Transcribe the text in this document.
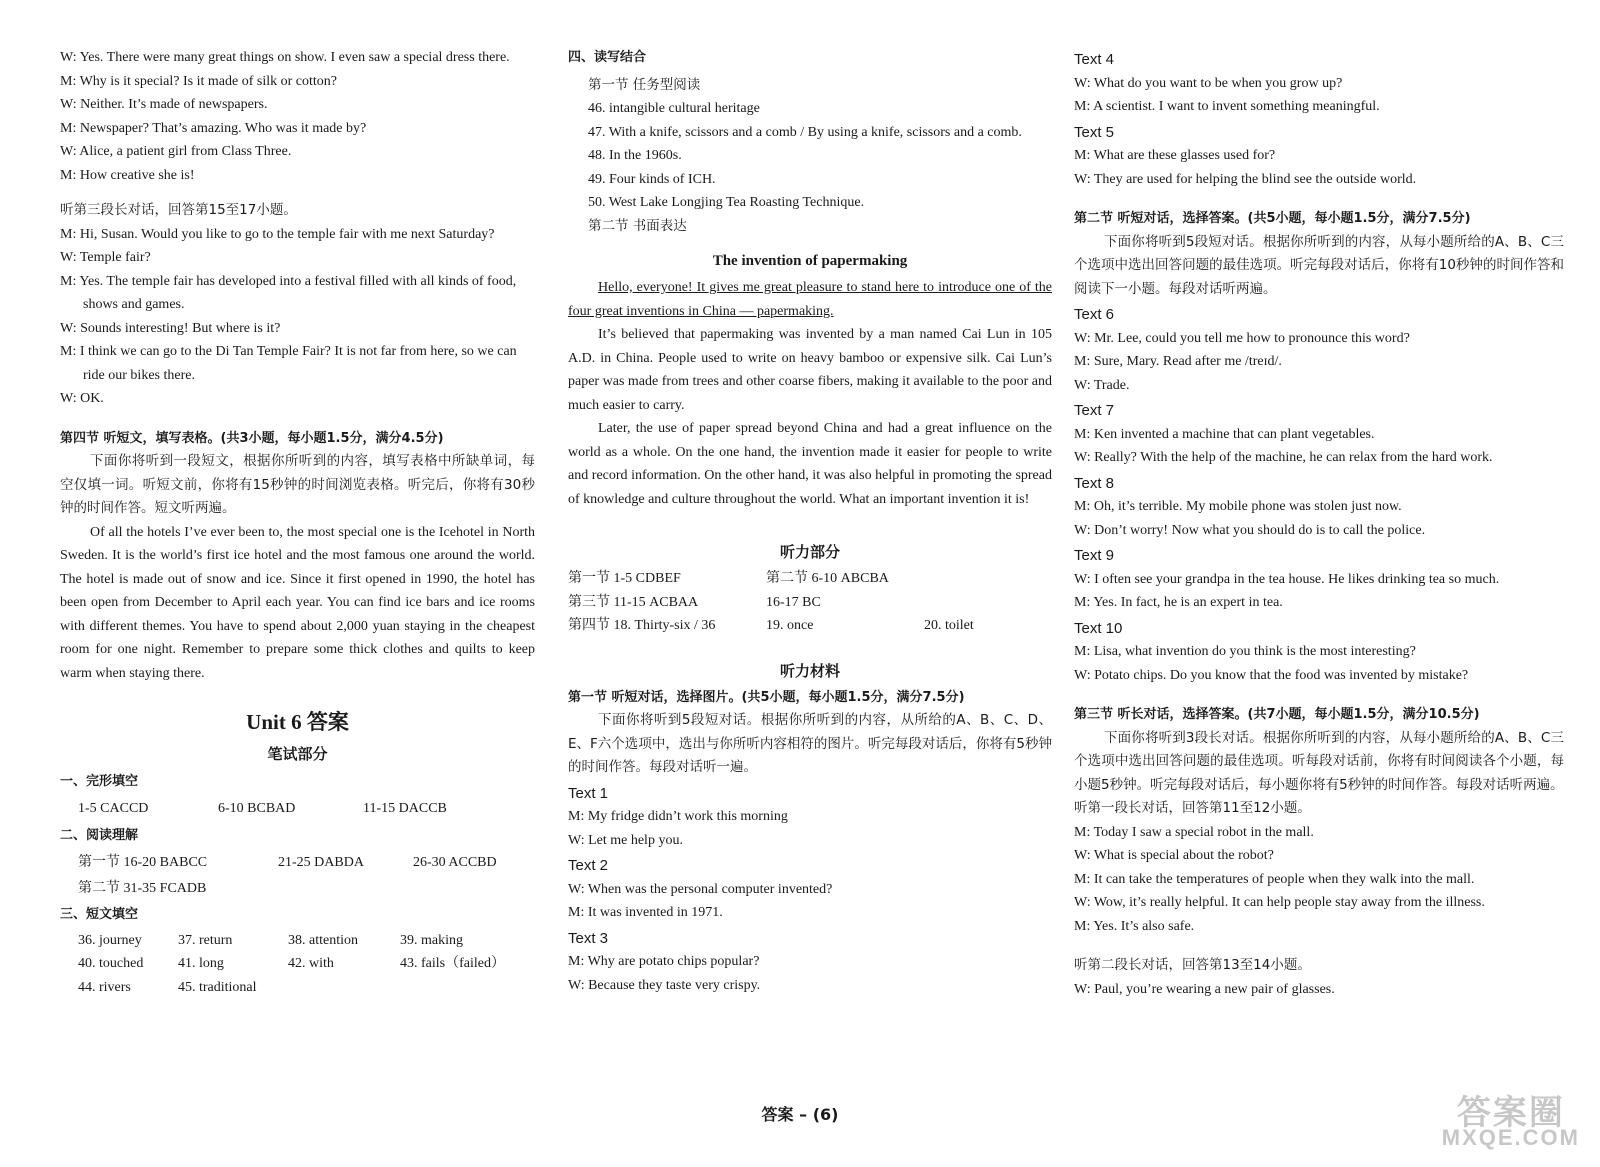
W: Yes. There were many great things on show. I even saw a special dress there.

M: Why is it special? Is it made of silk or cotton?

W: Neither. It’s made of newspapers.

M: Newspaper? That’s amazing. Who was it made by?

W: Alice, a patient girl from Class Three.

M: How creative she is!

听第三段长对话，回答第15至17小题。

M: Hi, Susan. Would you like to go to the temple fair with me next Saturday?

W: Temple fair?

M: Yes. The temple fair has developed into a festival filled with all kinds of food, shows and games.

W: Sounds interesting! But where is it?

M: I think we can go to the Di Tan Temple Fair? It is not far from here, so we can ride our bikes there.

W: OK.

第四节 听短文，填写表格。(共3小题，每小题1.5分，满分4.5分)

下面你将听到一段短文，根据你所听到的内容，填写表格中所缺单词，每空仅填一词。听短文前，你将有15秒钟的时间浏览表格。听完后，你将有30秒钟的时间作答。短文听两遍。

Of all the hotels I’ve ever been to, the most special one is the Icehotel in North Sweden. It is the world’s first ice hotel and the most famous one around the world. The hotel is made out of snow and ice. Since it first opened in 1990, the hotel has been open from December to April each year. You can find ice bars and ice rooms with different themes. You have to spend about 2,000 yuan staying in the cheapest room for one night. Remember to prepare some thick clothes and quilts to keep warm when staying there.

Unit 6 答案

笔试部分

一、完形填空

1-5 CACCD	6-10 BCBAD	11-15 DACCB

二、阅读理解

第一节 16-20 BABCC	21-25 DABDA	26-30 ACCBD

第二节 31-35 FCADB

三、短文填空

36. journey	37. return	38. attention	39. making
40. touched	41. long	42. with	43. fails（failed）
44. rivers	45. traditional

四、读写结合

第一节 任务型阅读

46. intangible cultural heritage

47. With a knife, scissors and a comb / By using a knife, scissors and a comb.

48. In the 1960s.

49. Four kinds of ICH.

50. West Lake Longjing Tea Roasting Technique.

第二节 书面表达

The invention of papermaking

Hello, everyone! It gives me great pleasure to stand here to introduce one of the four great inventions in China — papermaking.

It’s believed that papermaking was invented by a man named Cai Lun in 105 A.D. in China. People used to write on heavy bamboo or expensive silk. Cai Lun’s paper was made from trees and other coarse fibers, making it available to the poor and much easier to carry.

Later, the use of paper spread beyond China and had a great influence on the world as a whole. On the one hand, the invention made it easier for people to write and record information. On the other hand, it was also helpful in promoting the spread of knowledge and culture throughout the world. What an important invention it is!

听力部分

第一节 1-5 CDBEF	第二节 6-10 ABCBA
第三节 11-15 ACBAA	16-17 BC
第四节 18. Thirty-six / 36	19. once	20. toilet

听力材料

第一节 听短对话，选择图片。(共5小题，每小题1.5分，满分7.5分)

下面你将听到5段短对话。根据你所听到的内容，从所给的A、B、C、D、E、F六个选项中，选出与你所听内容相符的图片。听完每段对话后，你将有5秒钟的时间作答。每段对话听一遍。

Text 1

M: My fridge didn’t work this morning

W: Let me help you.

Text 2

W: When was the personal computer invented?

M: It was invented in 1971.

Text 3

M: Why are potato chips popular?

W: Because they taste very crispy.

Text 4

W: What do you want to be when you grow up?

M: A scientist. I want to invent something meaningful.

Text 5

M: What are these glasses used for?

W: They are used for helping the blind see the outside world.

第二节 听短对话，选择答案。(共5小题，每小题1.5分，满分7.5分)

下面你将听到5段短对话。根据你所听到的内容，从每小题所给的A、B、C三个选项中选出回答问题的最佳选项。听完每段对话后，你将有10秒钟的时间作答和阅读下一小题。每段对话听两遍。

Text 6

W: Mr. Lee, could you tell me how to pronounce this word?

M: Sure, Mary. Read after me /treɪd/.

W: Trade.

Text 7

M: Ken invented a machine that can plant vegetables.

W: Really? With the help of the machine, he can relax from the hard work.

Text 8

M: Oh, it’s terrible. My mobile phone was stolen just now.

W: Don’t worry! Now what you should do is to call the police.

Text 9

W: I often see your grandpa in the tea house. He likes drinking tea so much.

M: Yes. In fact, he is an expert in tea.

Text 10

M: Lisa, what invention do you think is the most interesting?

W: Potato chips. Do you know that the food was invented by mistake?

第三节 听长对话，选择答案。(共7小题，每小题1.5分，满分10.5分)

下面你将听到3段长对话。根据你所听到的内容，从每小题所给的A、B、C三个选项中选出回答问题的最佳选项。听每段对话前，你将有时间阅读各个小题，每小题5秒钟。听完每段对话后，每小题你将有5秒钟的时间作答。每段对话听两遍。

听第一段长对话，回答第11至12小题。

M: Today I saw a special robot in the mall.

W: What is special about the robot?

M: It can take the temperatures of people when they walk into the mall.

W: Wow, it’s really helpful. It can help people stay away from the illness.

M: Yes. It’s also safe.

听第二段长对话，回答第13至14小题。

W: Paul, you’re wearing a new pair of glasses.

答案 – (6)	答案圈
MXQE.COM
